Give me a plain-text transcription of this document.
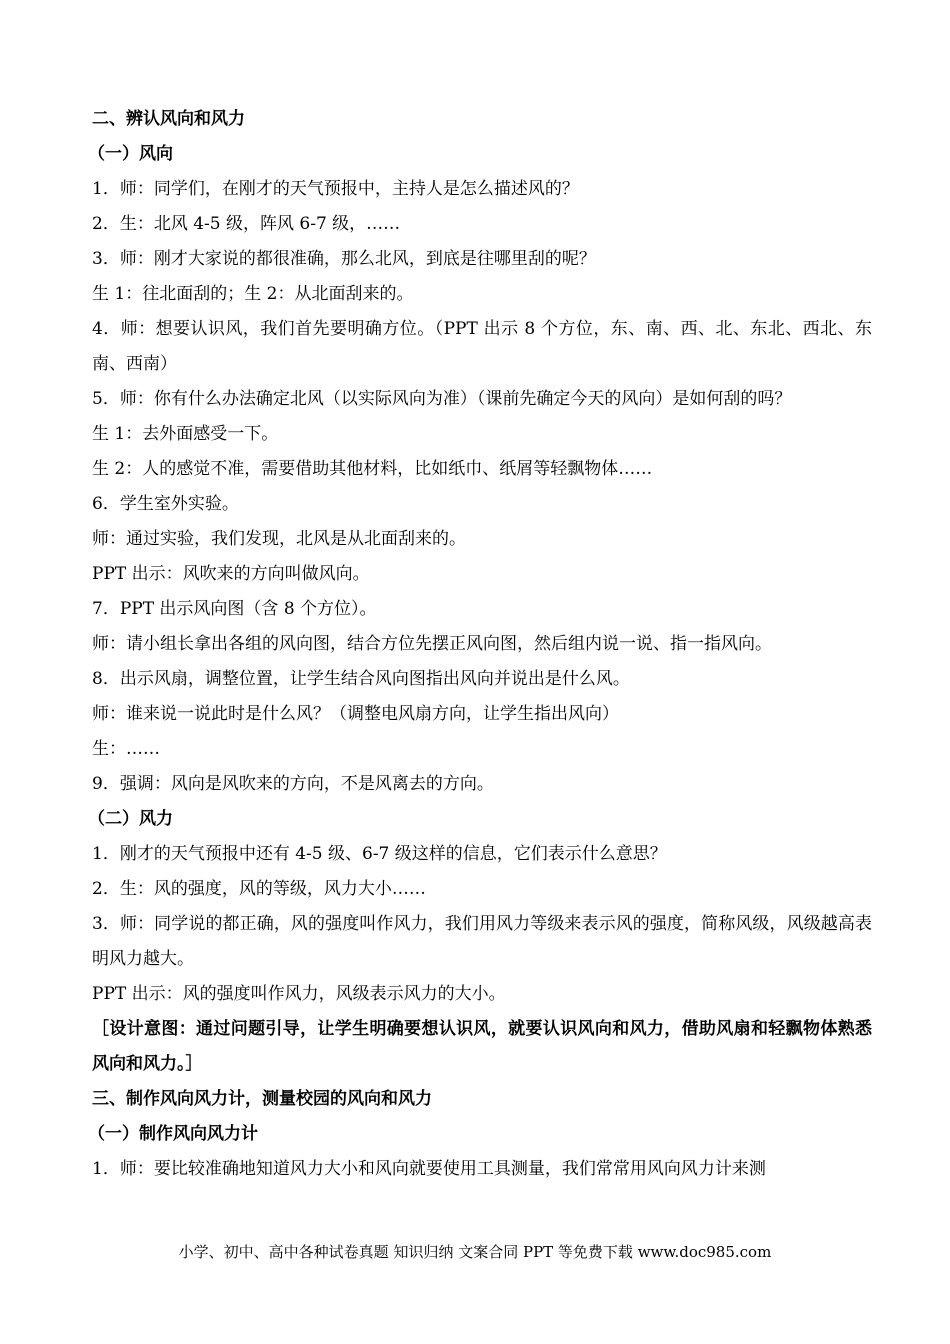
二、辨认风向和风力
（一）风向
1．师：同学们，在刚才的天气预报中，主持人是怎么描述风的？
2．生：北风 4-5 级，阵风 6-7 级，……
3．师：刚才大家说的都很准确，那么北风，到底是往哪里刮的呢？
生 1：往北面刮的；生 2：从北面刮来的。
4．师：想要认识风，我们首先要明确方位。（PPT 出示 8 个方位，东、南、西、北、东北、西北、东南、西南）
5．师：你有什么办法确定北风（以实际风向为准）（课前先确定今天的风向）是如何刮的吗？
生 1：去外面感受一下。
生 2：人的感觉不准，需要借助其他材料，比如纸巾、纸屑等轻飘物体……
6．学生室外实验。
师：通过实验，我们发现，北风是从北面刮来的。
PPT 出示：风吹来的方向叫做风向。
7．PPT 出示风向图（含 8 个方位）。
师：请小组长拿出各组的风向图，结合方位先摆正风向图，然后组内说一说、指一指风向。
8．出示风扇，调整位置，让学生结合风向图指出风向并说出是什么风。
师：谁来说一说此时是什么风？（调整电风扇方向，让学生指出风向）
生：……
9．强调：风向是风吹来的方向，不是风离去的方向。
（二）风力
1．刚才的天气预报中还有 4-5 级、6-7 级这样的信息，它们表示什么意思？
2．生：风的强度，风的等级，风力大小……
3．师：同学说的都正确，风的强度叫作风力，我们用风力等级来表示风的强度，简称风级，风级越高表明风力越大。
PPT 出示：风的强度叫作风力，风级表示风力的大小。
［设计意图：通过问题引导，让学生明确要想认识风，就要认识风向和风力，借助风扇和轻飘物体熟悉风向和风力。］
三、制作风向风力计，测量校园的风向和风力
（一）制作风向风力计
1．师：要比较准确地知道风力大小和风向就要使用工具测量，我们常常用风向风力计来测
小学、初中、高中各种试卷真题 知识归纳 文案合同 PPT 等免费下载 www.doc985.com
